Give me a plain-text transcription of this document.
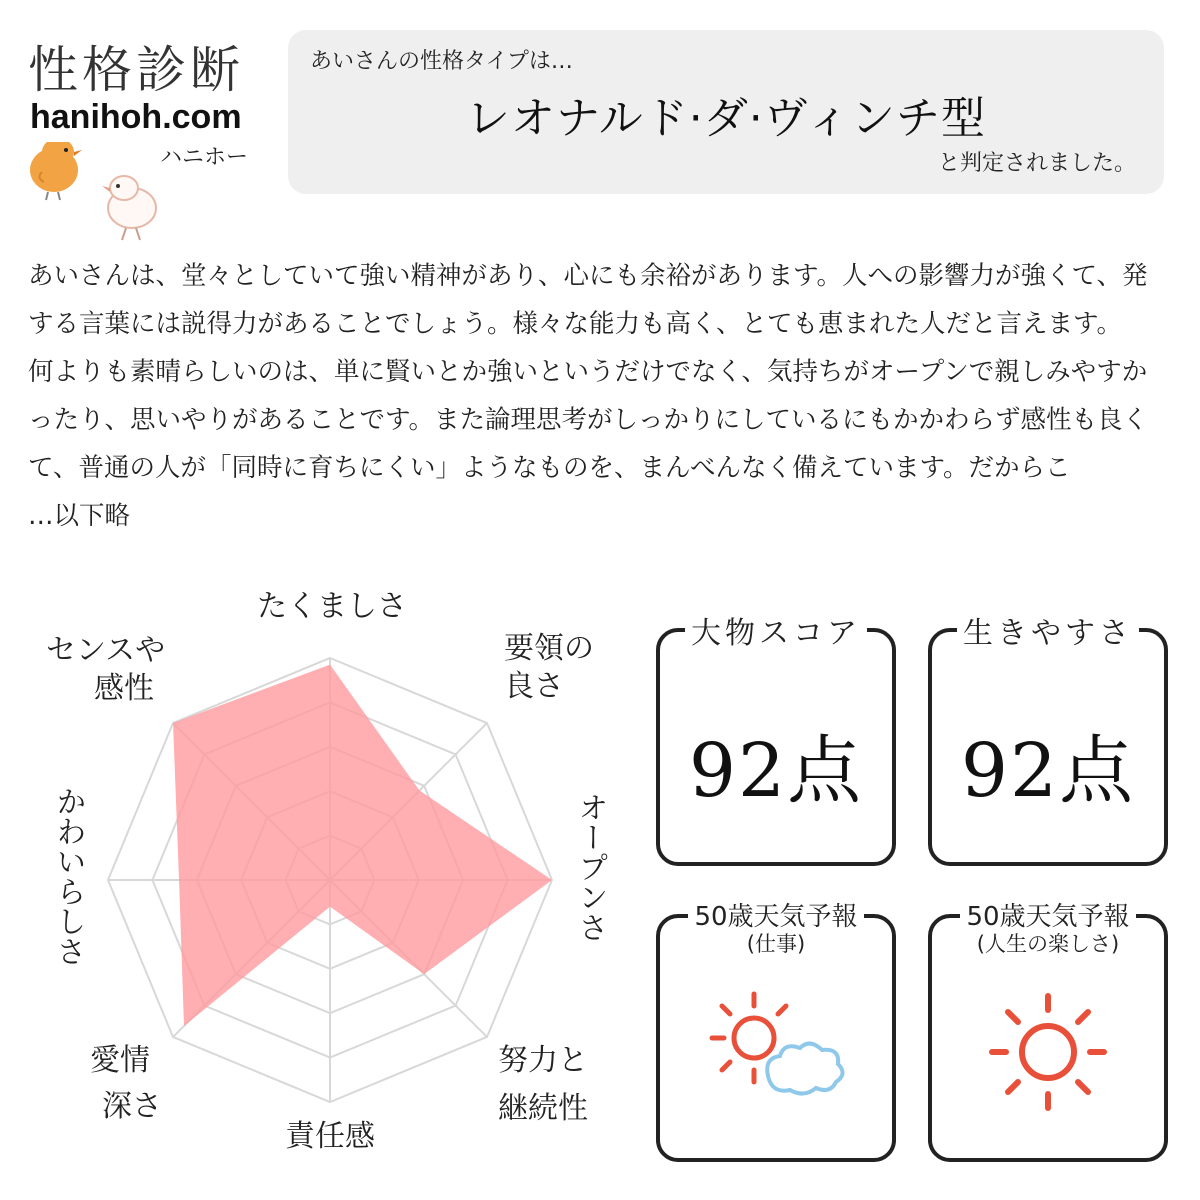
性格診断
hanihoh.com
ハニホー
あいさんの性格タイプは…
レオナルド·ダ·ヴィンチ型
と判定されました。

あいさんは、堂々としていて強い精神があり、心にも余裕があります。人への影響力が強くて、発する言葉には説得力があることでしょう。様々な能力も高く、とても恵まれた人だと言えます。

何よりも素晴らしいのは、単に賢いとか強いというだけでなく、気持ちがオープンで親しみやすかったり、思いやりがあることです。また論理思考がしっかりにしているにもかかわらず感性も良くて、普通の人が「同時に育ちにくい」ようなものを、まんべんなく備えています。だからこ

…以下略

たくましさ
要領の
良さ
努力と
継続性
責任感
愛情
深さ
センスや
感性
オープンさ
かわいらしさ
大物スコア
92点
生きやすさ
92点
50歳天気予報
(仕事)
50歳天気予報
(人生の楽しさ)
